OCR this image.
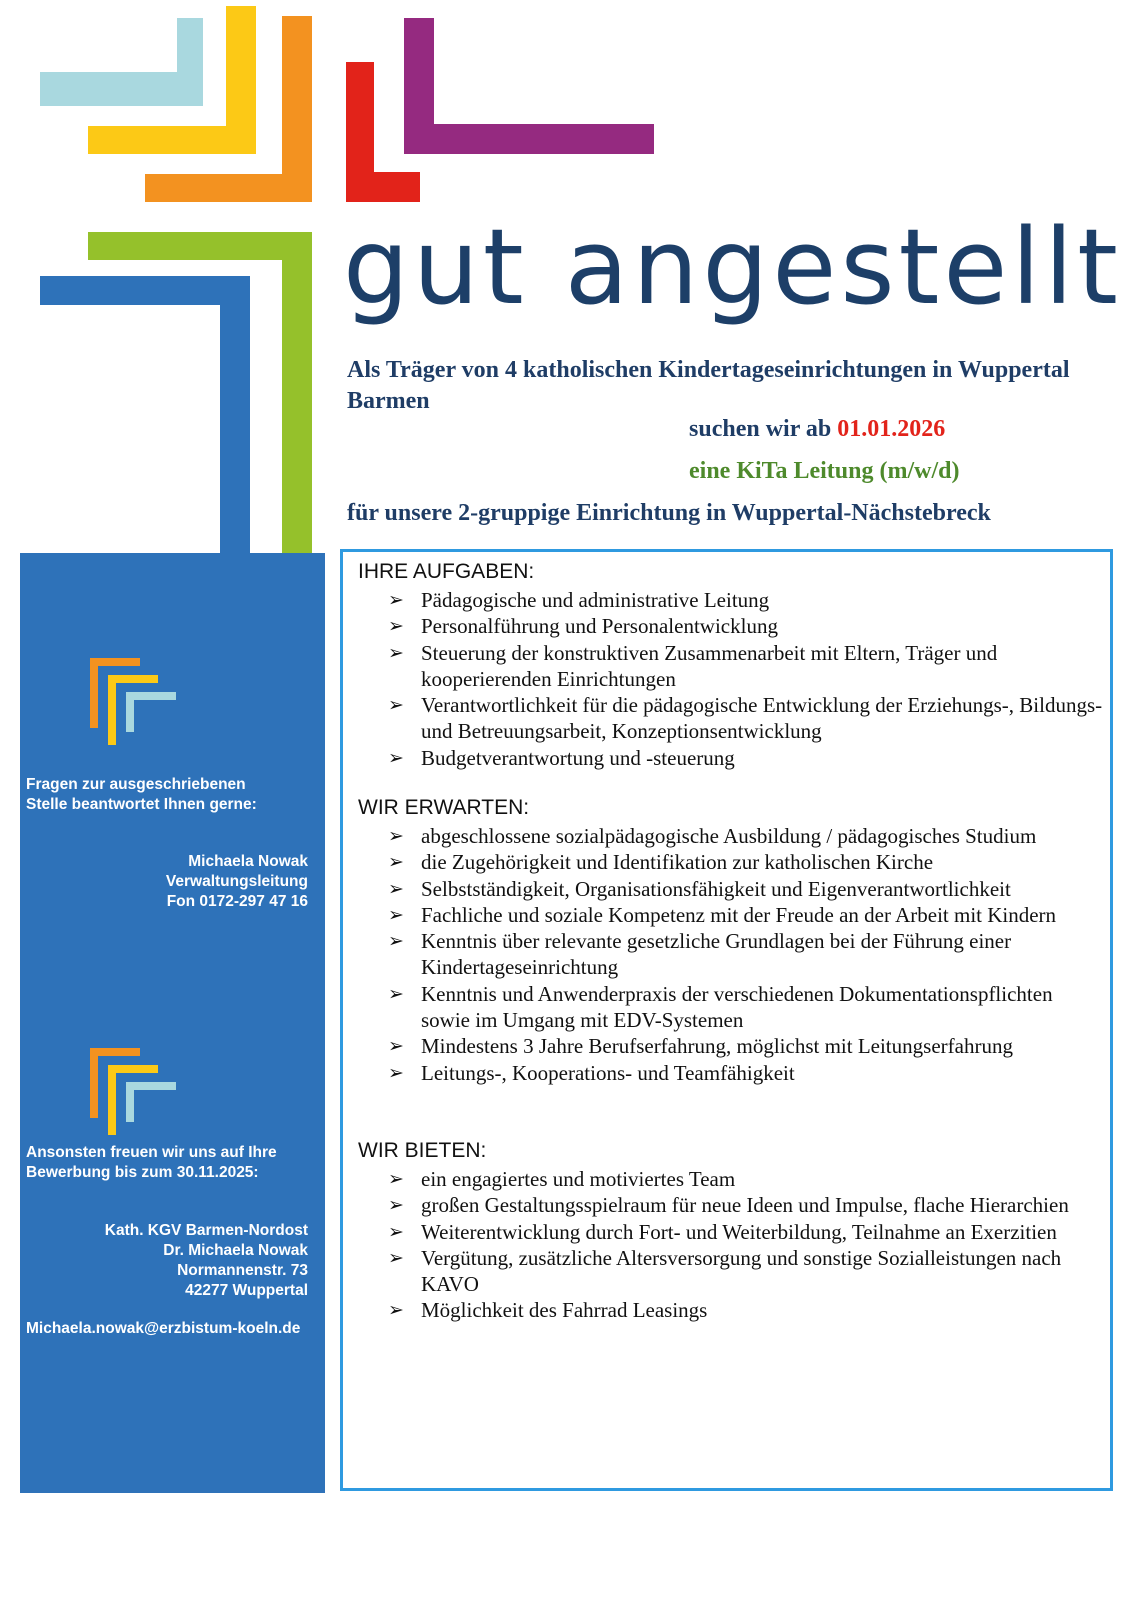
gut angestellt
Als Träger von 4 katholischen Kindertageseinrichtungen in Wuppertal Barmen
suchen wir ab 01.01.2026
eine KiTa Leitung (m/w/d)
für unsere 2-gruppige Einrichtung in Wuppertal-Nächstebreck
Fragen zur ausgeschriebenen
Stelle beantwortet Ihnen gerne:
Michaela Nowak
Verwaltungsleitung
Fon 0172-297 47 16
Ansonsten freuen wir uns auf Ihre
Bewerbung bis zum 30.11.2025:
Kath. KGV Barmen-Nordost
Dr. Michaela Nowak
Normannenstr. 73
42277 Wuppertal
Michaela.nowak@erzbistum-koeln.de
IHRE AUFGABEN:
➢ Pädagogische und administrative Leitung
➢ Personalführung und Personalentwicklung
➢ Steuerung der konstruktiven Zusammenarbeit mit Eltern, Träger und kooperierenden Einrichtungen
➢ Verantwortlichkeit für die pädagogische Entwicklung der Erziehungs-, Bildungs- und Betreuungsarbeit, Konzeptionsentwicklung
➢ Budgetverantwortung und -steuerung
WIR ERWARTEN:
➢ abgeschlossene sozialpädagogische Ausbildung / pädagogisches Studium
➢ die Zugehörigkeit und Identifikation zur katholischen Kirche
➢ Selbstständigkeit, Organisationsfähigkeit und Eigenverantwortlichkeit
➢ Fachliche und soziale Kompetenz mit der Freude an der Arbeit mit Kindern
➢ Kenntnis über relevante gesetzliche Grundlagen bei der Führung einer Kindertageseinrichtung
➢ Kenntnis und Anwenderpraxis der verschiedenen Dokumentationspflichten sowie im Umgang mit EDV-Systemen
➢ Mindestens 3 Jahre Berufserfahrung, möglichst mit Leitungserfahrung
➢ Leitungs-, Kooperations- und Teamfähigkeit
WIR BIETEN:
➢ ein engagiertes und motiviertes Team
➢ großen Gestaltungsspielraum für neue Ideen und Impulse, flache Hierarchien
➢ Weiterentwicklung durch Fort- und Weiterbildung, Teilnahme an Exerzitien
➢ Vergütung, zusätzliche Altersversorgung und sonstige Sozialleistungen nach KAVO
➢ Möglichkeit des Fahrrad Leasings
